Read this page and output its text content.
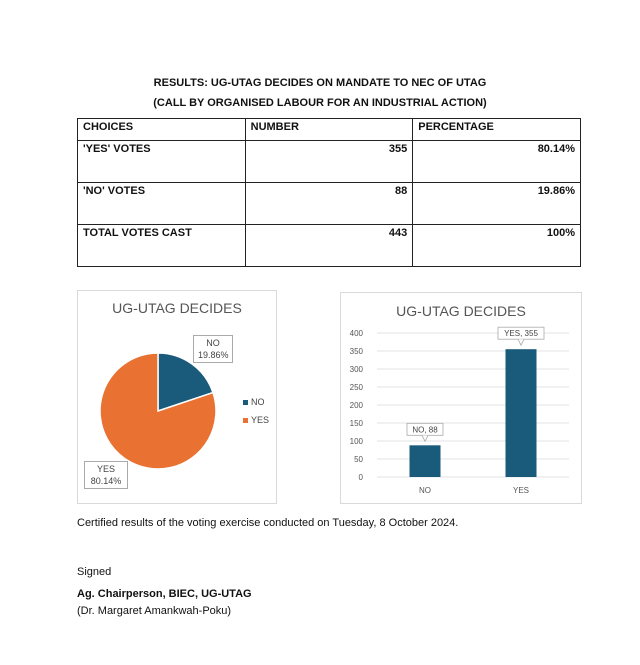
RESULTS: UG-UTAG DECIDES ON MANDATE TO NEC OF UTAG
(CALL BY ORGANISED LABOUR FOR AN INDUSTRIAL ACTION)
CHOICES	NUMBER	PERCENTAGE
'YES' VOTES	355	80.14%
'NO' VOTES	88	19.86%
TOTAL VOTES CAST	443	100%
UG-UTAG DECIDES
NO
19.86%
YES
80.14%
NO
YES
UG-UTAG DECIDES
0
50
100
150
200
250
300
350
400
NO
NO, 88
YES
YES, 355
Certified results of the voting exercise conducted on Tuesday, 8 October 2024.
Signed
Ag. Chairperson, BIEC, UG-UTAG
(Dr. Margaret Amankwah-Poku)
